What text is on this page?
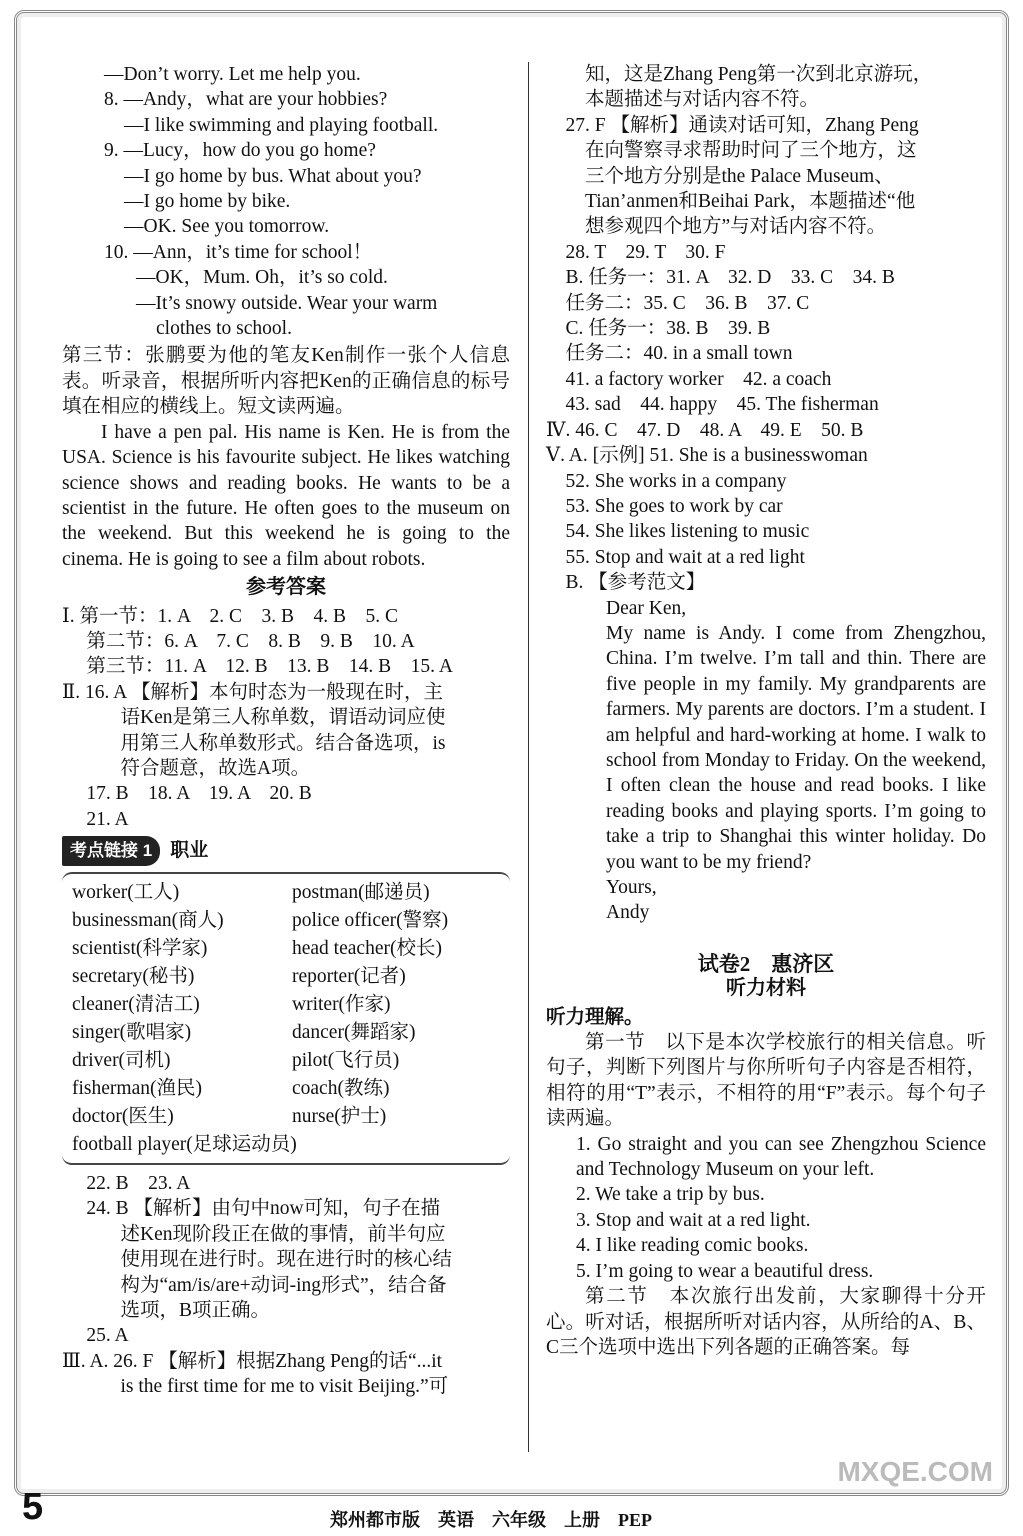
—Don’t worry. Let me help you.
8. —Andy，what are your hobbies?
—I like swimming and playing football.
9. —Lucy，how do you go home?
—I go home by bus. What about you?
—I go home by bike.
—OK. See you tomorrow.
10. —Ann，it’s time for school！
—OK，Mum. Oh，it’s so cold.
—It’s snowy outside. Wear your warm
clothes to school.
第三节：张鹏要为他的笔友Ken制作一张个人信息表。听录音，根据所听内容把Ken的正确信息的标号填在相应的横线上。短文读两遍。
I have a pen pal. His name is Ken. He is from the USA. Science is his favourite subject. He likes watching science shows and reading books. He wants to be a scientist in the future. He often goes to the museum on the weekend. But this weekend he is going to the cinema. He is going to see a film about robots.
参考答案
Ⅰ. 第一节：1. A　2. C　3. B　4. B　5. C
　 第二节：6. A　7. C　8. B　9. B　10. A
　 第三节：11. A　12. B　13. B　14. B　15. A
Ⅱ. 16. A 【解析】本句时态为一般现在时，主
　　　语Ken是第三人称单数，谓语动词应使
　　　用第三人称单数形式。结合备选项，is
　　　符合题意，故选A项。
　 17. B　18. A　19. A　20. B
　 21. A
考点链接 1 职业
worker(工人)	postman(邮递员)
businessman(商人)	police officer(警察)
scientist(科学家)	head teacher(校长)
secretary(秘书)	reporter(记者)
cleaner(清洁工)	writer(作家)
singer(歌唱家)	dancer(舞蹈家)
driver(司机)	pilot(飞行员)
fisherman(渔民)	coach(教练)
doctor(医生)	nurse(护士)
football player(足球运动员)
　 22. B　23. A
　 24. B 【解析】由句中now可知，句子在描
　　　述Ken现阶段正在做的事情，前半句应
　　　使用现在进行时。现在进行时的核心结
　　　构为“am/is/are+动词-ing形式”，结合备
　　　选项，B项正确。
　 25. A
Ⅲ. A. 26. F 【解析】根据Zhang Peng的话“...it
　　　is the first time for me to visit Beijing.”可
　　知，这是Zhang Peng第一次到北京游玩，
　　本题描述与对话内容不符。
　27. F 【解析】通读对话可知，Zhang Peng
　　在向警察寻求帮助时问了三个地方，这
　　三个地方分别是the Palace Museum、
　　Tian’anmen和Beihai Park，本题描述“他
　　想参观四个地方”与对话内容不符。
　28. T　29. T　30. F
　B. 任务一：31. A　32. D　33. C　34. B
　任务二：35. C　36. B　37. C
　C. 任务一：38. B　39. B
　任务二：40. in a small town
　41. a factory worker　42. a coach
　43. sad　44. happy　45. The fisherman
Ⅳ. 46. C　47. D　48. A　49. E　50. B
Ⅴ. A. [示例] 51. She is a businesswoman
　52. She works in a company
　53. She goes to work by car
　54. She likes listening to music
　55. Stop and wait at a red light
　B. 【参考范文】
Dear Ken,
My name is Andy. I come from Zhengzhou, China. I’m twelve. I’m tall and thin. There are five people in my family. My grandparents are farmers. My parents are doctors. I’m a student. I am helpful and hard-working at home. I walk to school from Monday to Friday. On the weekend, I often clean the house and read books. I like reading books and playing sports. I’m going to take a trip to Shanghai this winter holiday. Do you want to be my friend?
Yours,
Andy
试卷2　惠济区
听力材料
听力理解。
第一节　以下是本次学校旅行的相关信息。听句子，判断下列图片与你所听句子内容是否相符，相符的用“T”表示，不相符的用“F”表示。每个句子读两遍。
1. Go straight and you can see Zhengzhou Science and Technology Museum on your left.
2. We take a trip by bus.
3. Stop and wait at a red light.
4. I like reading comic books.
5. I’m going to wear a beautiful dress.
第二节　本次旅行出发前，大家聊得十分开心。听对话，根据所听对话内容，从所给的A、B、C三个选项中选出下列各题的正确答案。每
5	郑州都市版　英语　六年级　上册　PEP
MXQE.COM
